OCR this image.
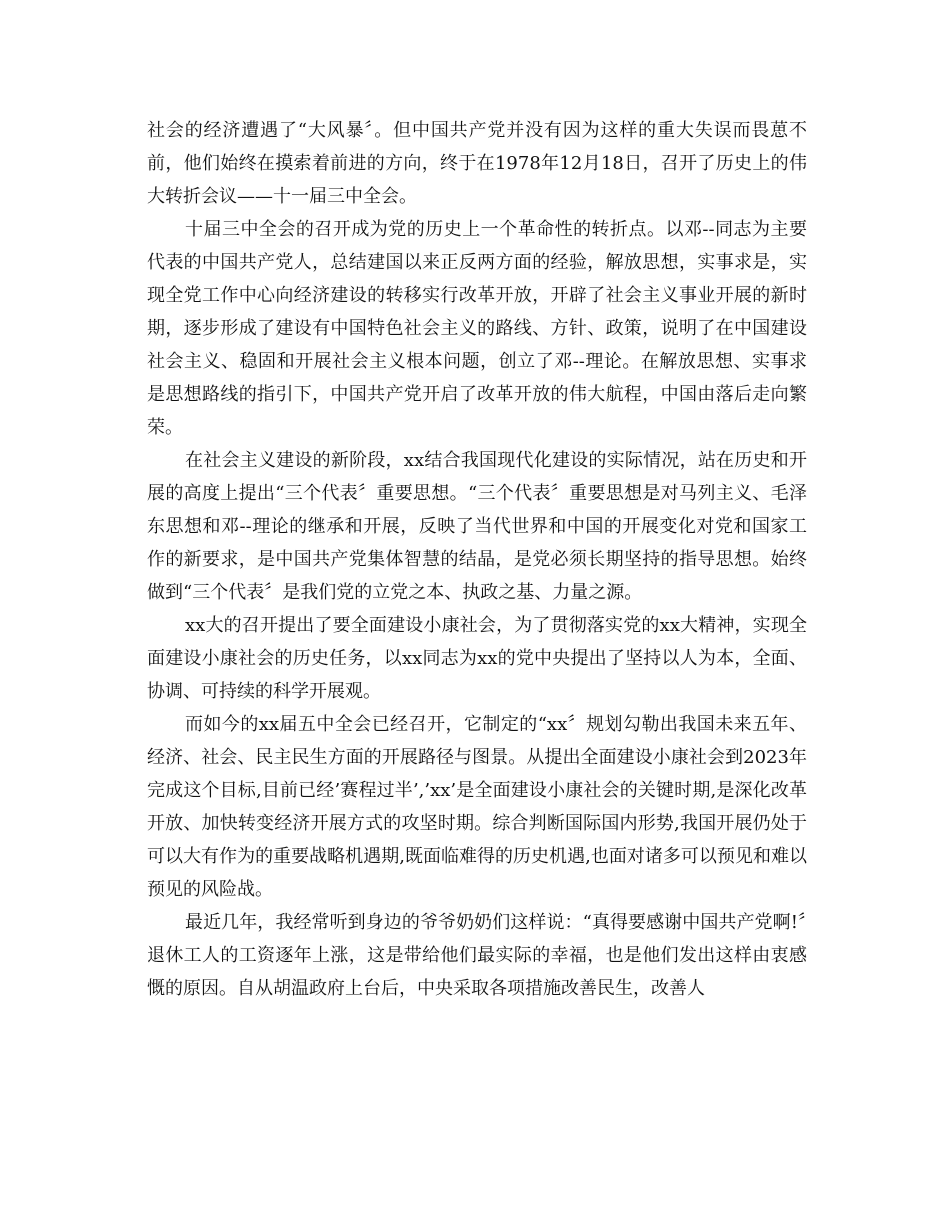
社会的经济遭遇了“大风暴〞。但中国共产党并没有因为这样的重大失误而畏葸不前，他们始终在摸索着前进的方向，终于在1978年12月18日，召开了历史上的伟大转折会议——十一届三中全会。

十届三中全会的召开成为党的历史上一个革命性的转折点。以邓--同志为主要代表的中国共产党人，总结建国以来正反两方面的经验，解放思想，实事求是，实现全党工作中心向经济建设的转移实行改革开放，开辟了社会主义事业开展的新时期，逐步形成了建设有中国特色社会主义的路线、方针、政策，说明了在中国建设社会主义、稳固和开展社会主义根本问题，创立了邓--理论。在解放思想、实事求是思想路线的指引下，中国共产党开启了改革开放的伟大航程，中国由落后走向繁荣。

在社会主义建设的新阶段，xx结合我国现代化建设的实际情况，站在历史和开展的高度上提出“三个代表〞重要思想。“三个代表〞重要思想是对马列主义、毛泽东思想和邓--理论的继承和开展，反映了当代世界和中国的开展变化对党和国家工作的新要求，是中国共产党集体智慧的结晶，是党必须长期坚持的指导思想。始终做到“三个代表〞是我们党的立党之本、执政之基、力量之源。

xx大的召开提出了要全面建设小康社会，为了贯彻落实党的xx大精神，实现全面建设小康社会的历史任务，以xx同志为xx的党中央提出了坚持以人为本，全面、协调、可持续的科学开展观。

而如今的xx届五中全会已经召开，它制定的“xx〞规划勾勒出我国未来五年、经济、社会、民主民生方面的开展路径与图景。从提出全面建设小康社会到2023年完成这个目标,目前已经’赛程过半’,’xx’是全面建设小康社会的关键时期,是深化改革开放、加快转变经济开展方式的攻坚时期。综合判断国际国内形势,我国开展仍处于可以大有作为的重要战略机遇期,既面临难得的历史机遇,也面对诸多可以预见和难以预见的风险战。

最近几年，我经常听到身边的爷爷奶奶们这样说：“真得要感谢中国共产党啊!〞退休工人的工资逐年上涨，这是带给他们最实际的幸福，也是他们发出这样由衷感慨的原因。自从胡温政府上台后，中央采取各项措施改善民生，改善人
